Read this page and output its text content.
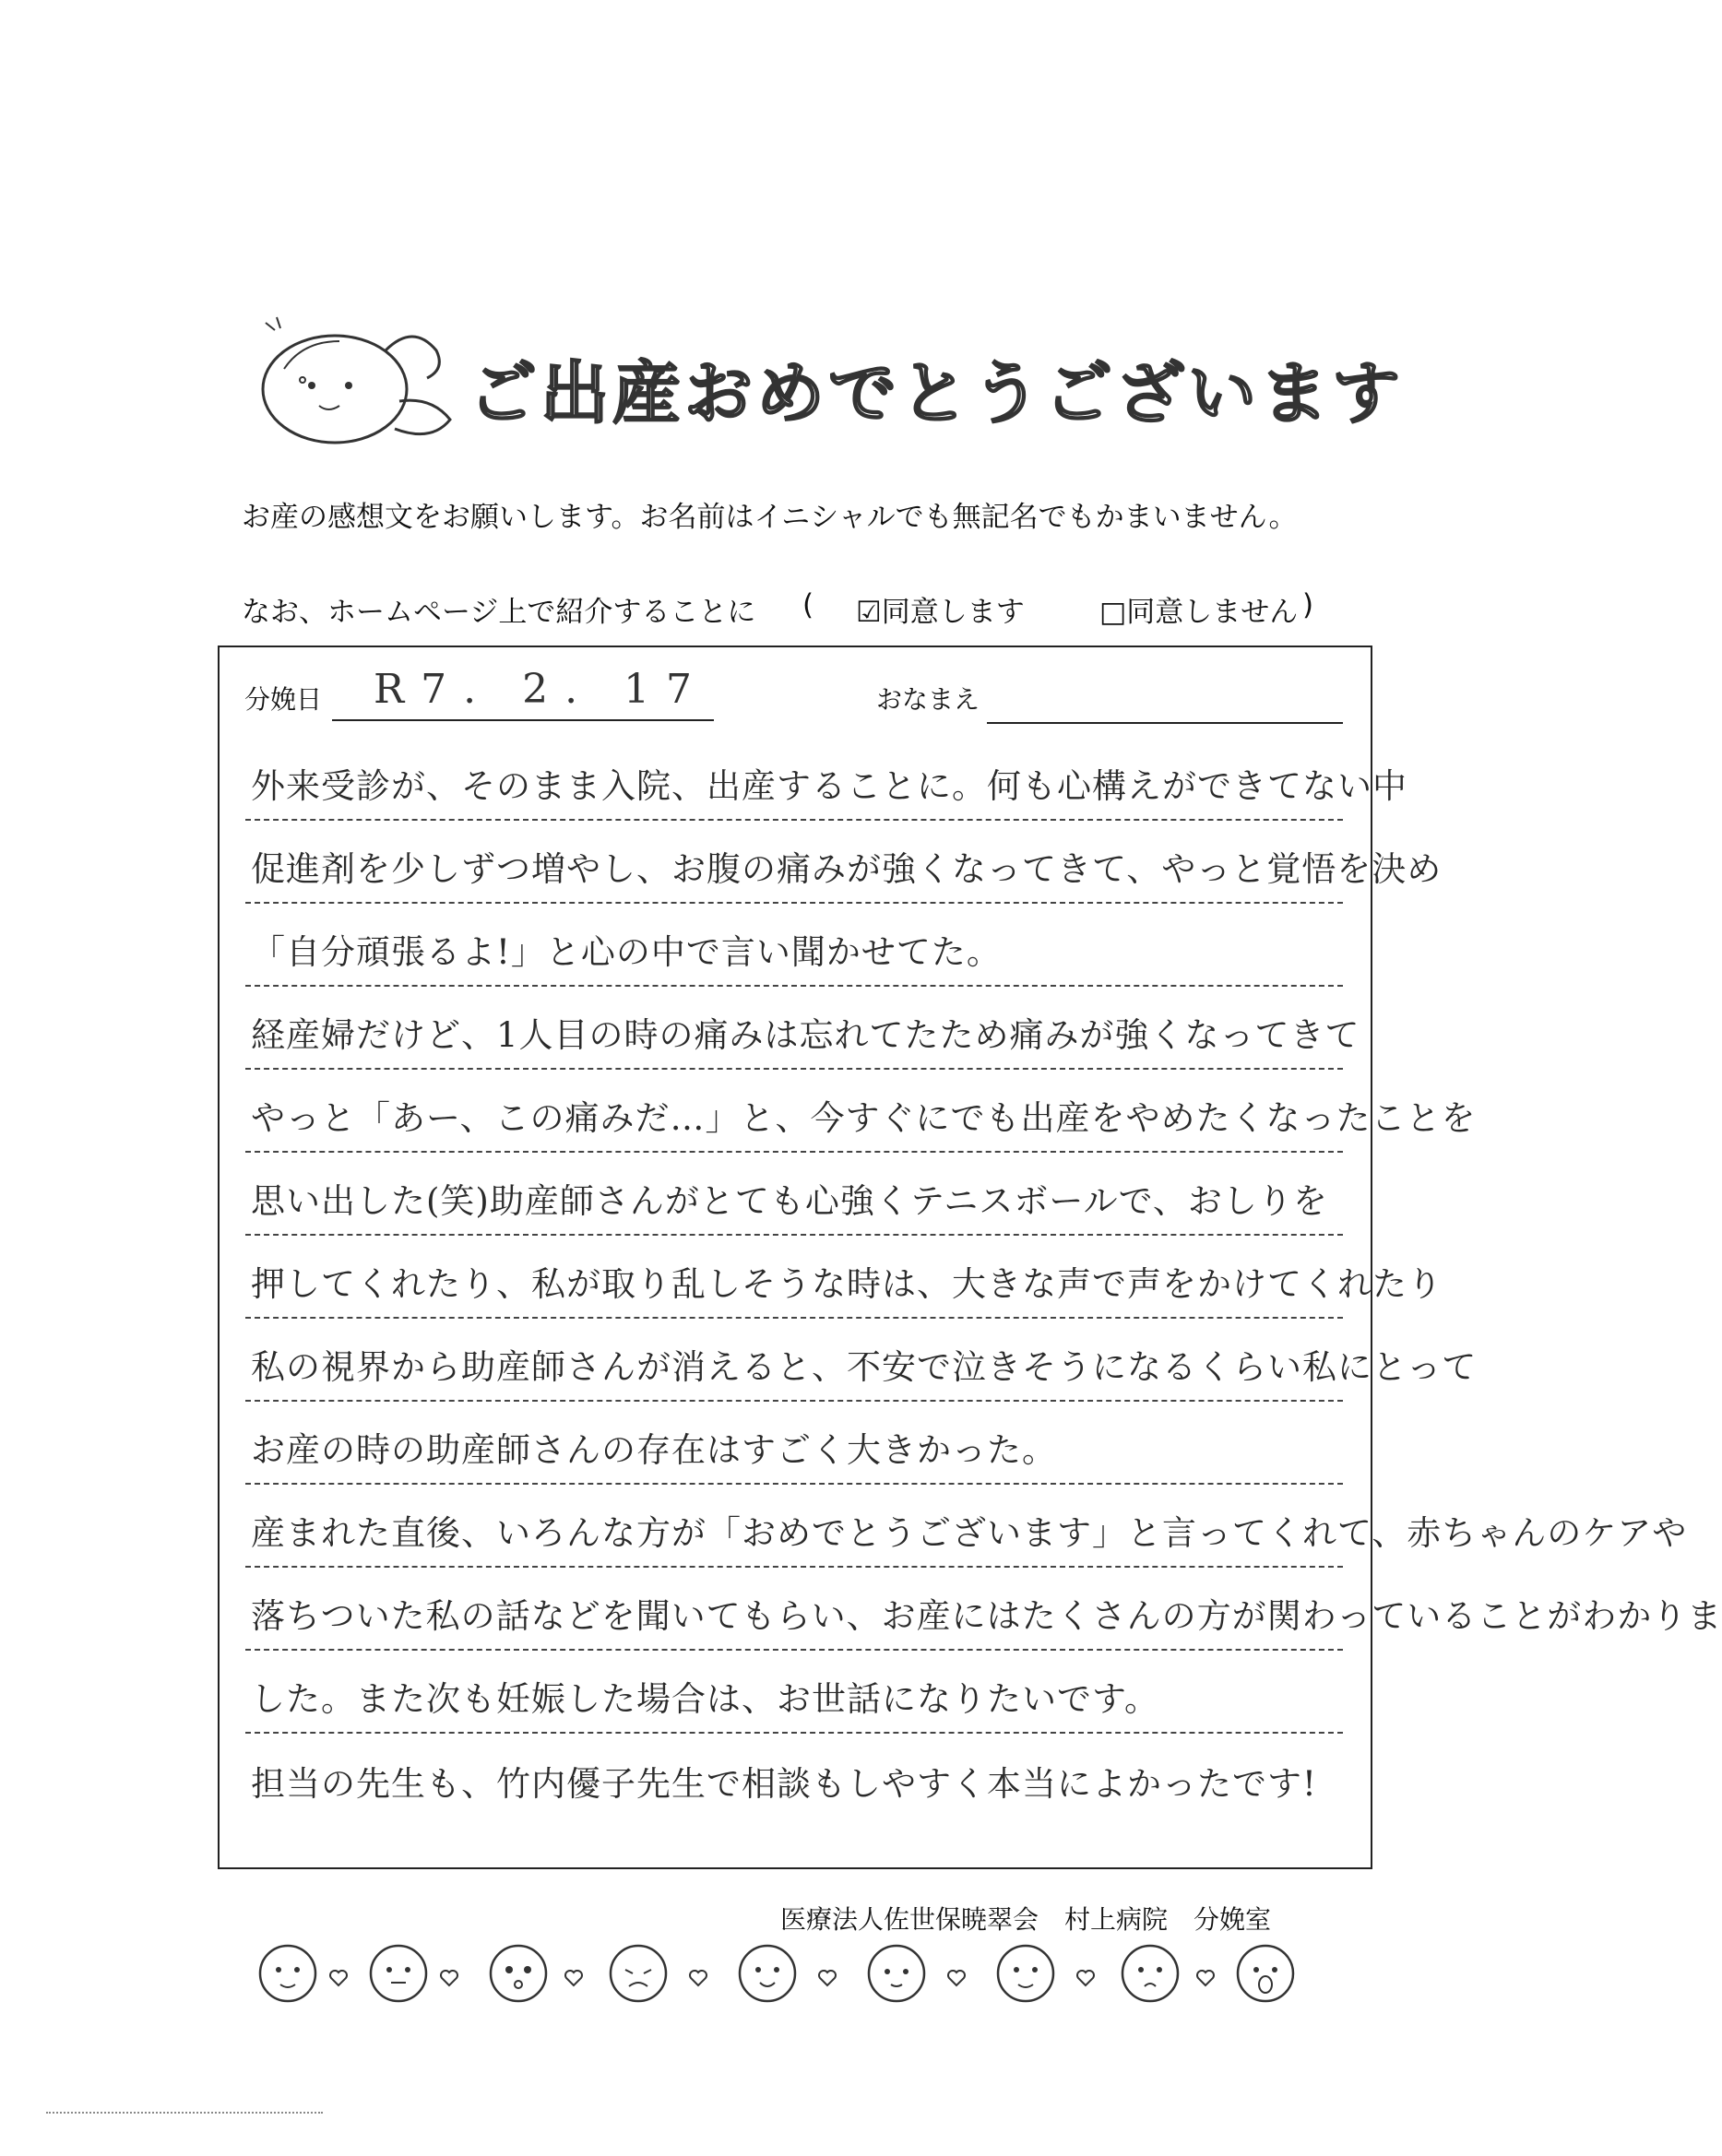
ご出産おめでとうございます
お産の感想文をお願いします。お名前はイニシャルでも無記名でもかまいません。
なお、ホームページ上で紹介することに ( ☑同意します	□同意しません )
分娩日 R7. 2. 17	おなまえ
外来受診が、そのまま入院、出産することに。何も心構えができてない中
促進剤を少しずつ増やし、お腹の痛みが強くなってきて、やっと覚悟を決め
「自分頑張るよ!」と心の中で言い聞かせてた。
経産婦だけど、1人目の時の痛みは忘れてたため痛みが強くなってきて
やっと「あー、この痛みだ…」と、今すぐにでも出産をやめたくなったことを
思い出した(笑)助産師さんがとても心強くテニスボールで、おしりを
押してくれたり、私が取り乱しそうな時は、大きな声で声をかけてくれたり
私の視界から助産師さんが消えると、不安で泣きそうになるくらい私にとって
お産の時の助産師さんの存在はすごく大きかった。
産まれた直後、いろんな方が「おめでとうございます」と言ってくれて、赤ちゃんのケアや
落ちついた私の話などを聞いてもらい、お産にはたくさんの方が関わっていることがわかりま
した。また次も妊娠した場合は、お世話になりたいです。
担当の先生も、竹内優子先生で相談もしやすく本当によかったです!
医療法人佐世保暁翠会　村上病院　分娩室
